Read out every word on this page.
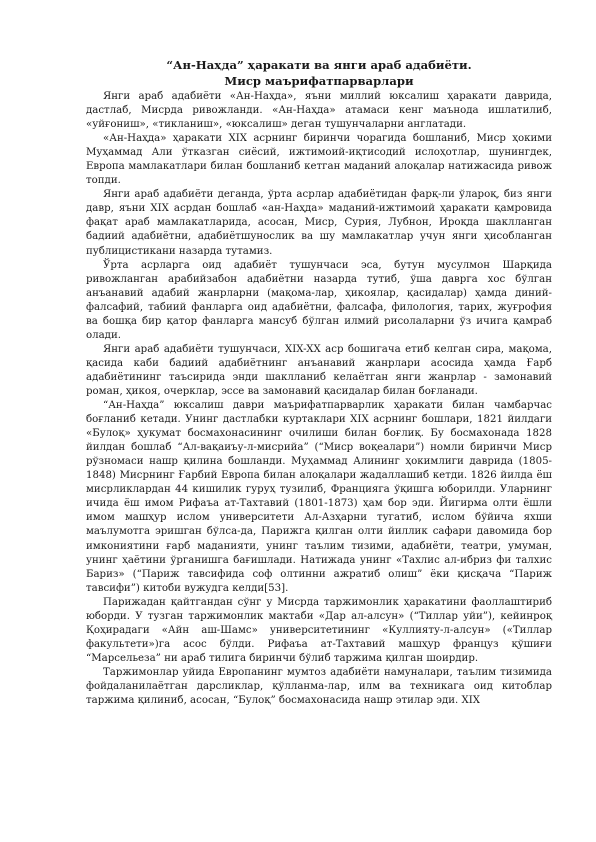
“Ан-Наҳда” ҳаракати ва янги араб адабиёти.
Миср маърифатпарварлари

Янги араб адабиёти «Ан-Наҳда», яъни миллий юксалиш ҳаракати даврида, дастлаб, Мисрда ривожланди. «Ан-Наҳда» атамаси кенг маънода ишлатилиб, «уйғониш», «тикланиш», «юксалиш» деган тушунчаларни англатади.

«Ан-Наҳда» ҳаракати XIX асрнинг биринчи чорагида бошланиб, Миср ҳокими Муҳаммад Али ўтказган сиёсий, ижтимоий-иқтисодий ислоҳотлар, шунингдек, Европа мамлакатлари билан бошланиб кетган маданий алоқалар натижасида ривож топди.

Янги араб адабиёти деганда, ўрта асрлар адабиётидан фарқ-ли ўлароқ, биз янги давр, яъни XIX асрдан бошлаб «ан-Наҳда» маданий-ижтимоий ҳаракати қамровида фақат араб мамлакатларида, асосан, Миср, Сурия, Лубнон, Ироқда шаклланган бадиий адабиётни, адабиётшунослик ва шу мамлакатлар учун янги ҳисобланган публицистикани назарда тутамиз.

Ўрта асрларга оид адабиёт тушунчаси эса, бутун мусулмон Шарқида ривожланган арабийзабон адабиётни назарда тутиб, ўша даврга хос бўлган анъанавий адабий жанрларни (мақома-лар, ҳикоялар, қасидалар) ҳамда диний-фалсафий, табиий фанларга оид адабиётни, фалсафа, филология, тарих, жуғрофия ва бошқа бир қатор фанларга мансуб бўлган илмий рисолаларни ўз ичига қамраб олади.

Янги араб адабиёти тушунчаси, XIX-XX аср бошигача етиб келган сира, мақома, қасида каби бадиий адабиётнинг анъанавий жанрлари асосида ҳамда Ғарб адабиётининг таъсирида энди шаклланиб келаётган янги жанрлар - замонавий роман, ҳикоя, очерклар, эссе ва замонавий қасидалар билан боғланади.

“Ан-Наҳда” юксалиш даври маърифатпарварлик ҳаракати билан чамбарчас боғланиб кетади. Унинг дастлабки куртаклари XIX асрнинг бошлари, 1821 йилдаги «Булоқ» ҳукумат босмахонасининг очилиши билан боғлиқ. Бу босмахонада 1828 йилдан бошлаб “Ал-вақаиъу-л-мисрийа” (“Миср воқеалари”) номли биринчи Миср рўзномаси нашр қилина бошланди. Муҳаммад Алининг ҳокимлиги даврида (1805-1848) Мисрнинг Ғарбий Европа билан алоқалари жадаллашиб кетди. 1826 йилда ёш мисрликлардан 44 кишилик гуруҳ тузилиб, Францияга ўқишга юборилди. Уларнинг ичида ёш имом Рифаъа ат-Тахтавий (1801-1873) ҳам бор эди. Йигирма олти ёшли имом машҳур ислом университети Ал-Азҳарни тугатиб, ислом бўйича яхши маълумотга эришган бўлса-да, Парижга қилган олти йиллик сафари давомида бор имкониятини ғарб маданияти, унинг таълим тизими, адабиёти, театри, умуман, унинг ҳаётини ўрганишга бағишлади. Натижада унинг «Тахлис ал-ибриз фи талхис Бариз» (“Париж тавсифида соф олтинни ажратиб олиш” ёки қисқача “Париж тавсифи”) китоби вужудга келди[53].

Парижадан қайтгандан сўнг у Мисрда таржимонлик ҳаракатини фаоллаштириб юборди. У тузган таржимонлик мактаби «Дар ал-алсун» (“Тиллар уйи”), кейинроқ Қоҳирадаги «Айн аш-Шамс» университетининг «Куллияту-л-алсун» («Тиллар факультети»)га асос бўлди. Рифаъа ат-Тахтавий машҳур француз қўшиғи “Марсельеза” ни араб тилига биринчи бўлиб таржима қилган шоирдир.

Таржимонлар уйида Европанинг мумтоз адабиёти намуналари, таълим тизимида фойдаланилаётган дарсликлар, қўлланма-лар, илм ва техникага оид китоблар таржима қилиниб, асосан, “Булоқ” босмахонасида нашр этилар эди. XIX
